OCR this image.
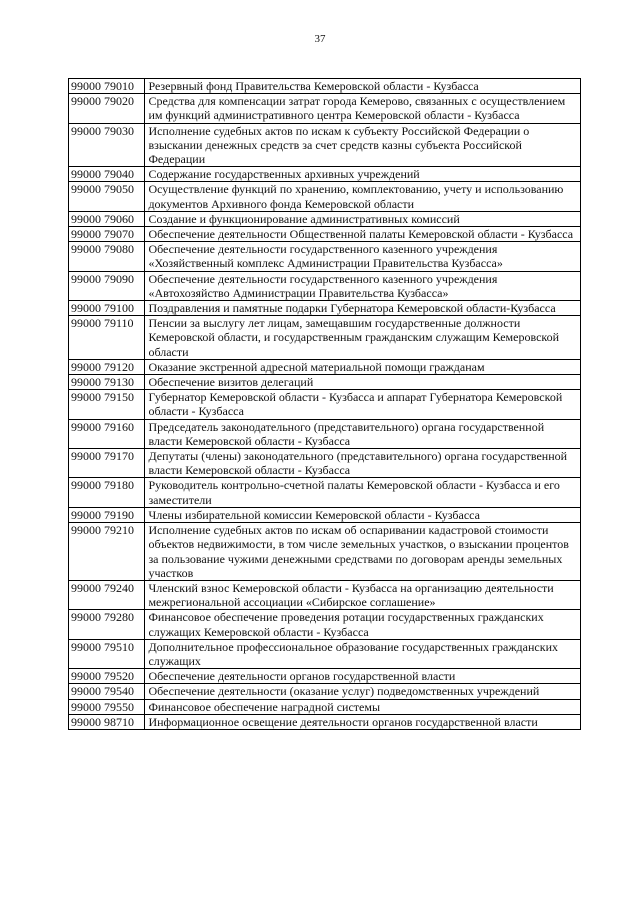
37
99000 79010	Резервный фонд Правительства Кемеровской области - Кузбасса
99000 79020	Средства для компенсации затрат города Кемерово, связанных с осуществлением им функций административного центра Кемеровской области - Кузбасса
99000 79030	Исполнение судебных актов по искам к субъекту Российской Федерации о взыскании денежных средств за счет средств казны субъекта Российской Федерации
99000 79040	Содержание государственных архивных учреждений
99000 79050	Осуществление функций по хранению, комплектованию, учету и использованию документов Архивного фонда Кемеровской области
99000 79060	Создание и функционирование административных комиссий
99000 79070	Обеспечение деятельности Общественной палаты Кемеровской области - Кузбасса
99000 79080	Обеспечение деятельности государственного казенного учреждения «Хозяйственный комплекс Администрации Правительства Кузбасса»
99000 79090	Обеспечение деятельности государственного казенного учреждения «Автохозяйство Администрации Правительства Кузбасса»
99000 79100	Поздравления и памятные подарки Губернатора Кемеровской области-Кузбасса
99000 79110	Пенсии за выслугу лет лицам, замещавшим государственные должности Кемеровской области, и государственным гражданским служащим Кемеровской области
99000 79120	Оказание экстренной адресной материальной помощи гражданам
99000 79130	Обеспечение визитов делегаций
99000 79150	Губернатор Кемеровской области - Кузбасса и аппарат Губернатора Кемеровской области - Кузбасса
99000 79160	Председатель законодательного (представительного) органа государственной власти Кемеровской области - Кузбасса
99000 79170	Депутаты (члены) законодательного (представительного) органа государственной власти Кемеровской области - Кузбасса
99000 79180	Руководитель контрольно-счетной палаты Кемеровской области - Кузбасса и его заместители
99000 79190	Члены избирательной комиссии Кемеровской области - Кузбасса
99000 79210	Исполнение судебных актов по искам об оспаривании кадастровой стоимости объектов недвижимости, в том числе земельных участков, о взыскании процентов за пользование чужими денежными средствами по договорам аренды земельных участков
99000 79240	Членский взнос Кемеровской области - Кузбасса на организацию деятельности межрегиональной ассоциации «Сибирское соглашение»
99000 79280	Финансовое обеспечение проведения ротации государственных гражданских служащих Кемеровской области - Кузбасса
99000 79510	Дополнительное профессиональное образование государственных гражданских служащих
99000 79520	Обеспечение деятельности органов государственной власти
99000 79540	Обеспечение деятельности (оказание услуг) подведомственных учреждений
99000 79550	Финансовое обеспечение наградной системы
99000 98710	Информационное освещение деятельности органов государственной власти
